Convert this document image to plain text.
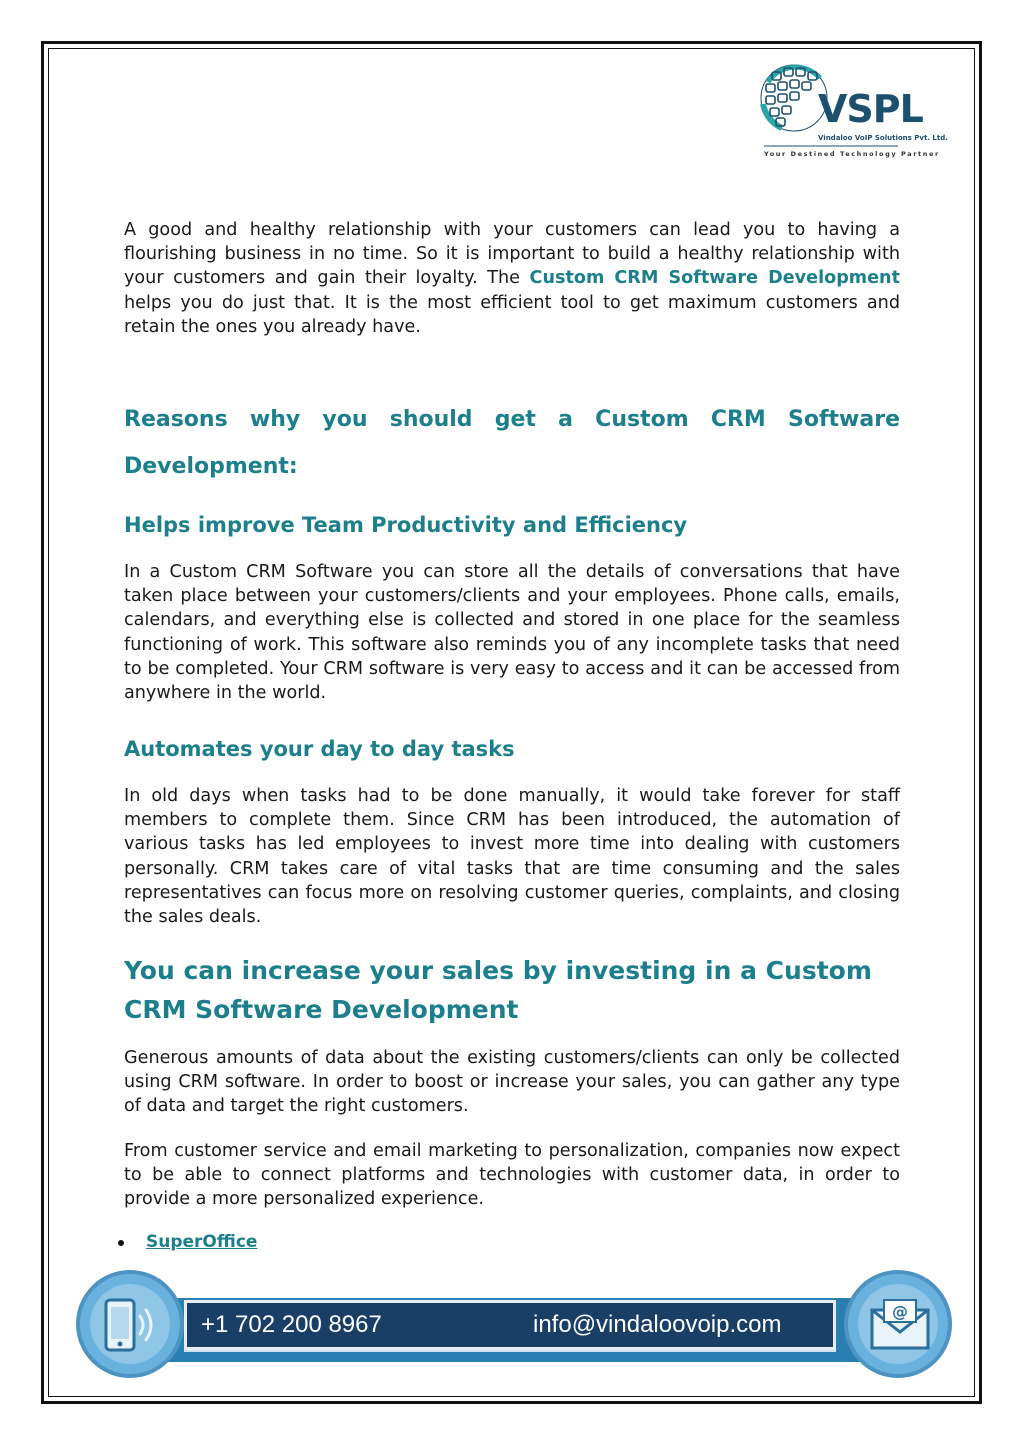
VSPL
Vindaloo VoIP Solutions Pvt. Ltd.
Your Destined Technology Partner

A good and healthy relationship with your customers can lead you to having a flourishing business in no time. So it is important to build a healthy relationship with your customers and gain their loyalty. The Custom CRM Software Development helps you do just that. It is the most efficient tool to get maximum customers and retain the ones you already have.

Reasons why you should get a Custom CRM Software Development:
Helps improve Team Productivity and Efficiency

In a Custom CRM Software you can store all the details of conversations that have taken place between your customers/clients and your employees. Phone calls, emails, calendars, and everything else is collected and stored in one place for the seamless functioning of work. This software also reminds you of any incomplete tasks that need to be completed. Your CRM software is very easy to access and it can be accessed from anywhere in the world.

Automates your day to day tasks

In old days when tasks had to be done manually, it would take forever for staff members to complete them. Since CRM has been introduced, the automation of various tasks has led employees to invest more time into dealing with customers personally. CRM takes care of vital tasks that are time consuming and the sales representatives can focus more on resolving customer queries, complaints, and closing the sales deals.

You can increase your sales by investing in a Custom CRM Software Development

Generous amounts of data about the existing customers/clients can only be collected using CRM software. In order to boost or increase your sales, you can gather any type of data and target the right customers.

From customer service and email marketing to personalization, companies now expect to be able to connect platforms and technologies with customer data, in order to provide a more personalized experience.

SuperOffice
+1 702 200 8967	info@vindaloovoip.com	@
